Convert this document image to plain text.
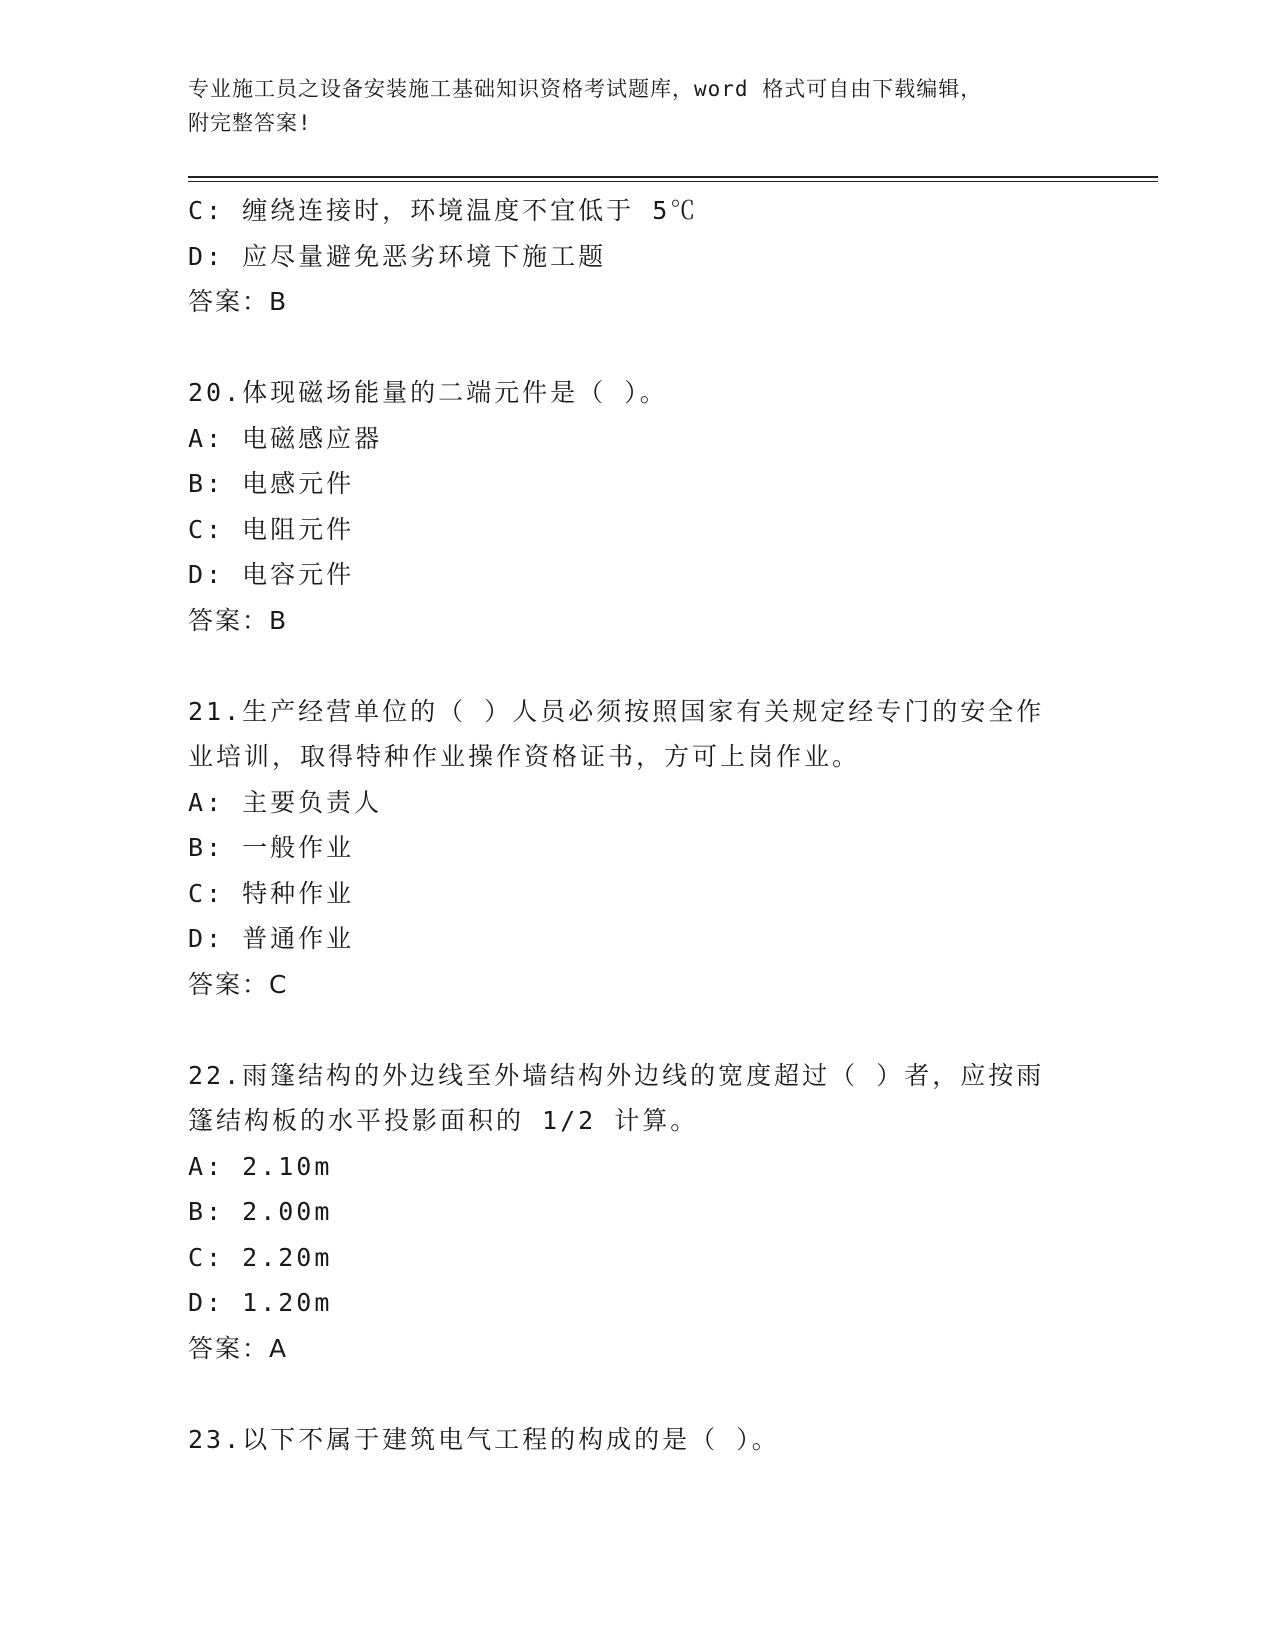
专业施工员之设备安装施工基础知识资格考试题库，word 格式可自由下载编辑，
附完整答案!
C: 缠绕连接时，环境温度不宜低于 5℃
D: 应尽量避免恶劣环境下施工题
答案：B
20.体现磁场能量的二端元件是（ ）。
A: 电磁感应器
B: 电感元件
C: 电阻元件
D: 电容元件
答案：B
21.生产经营单位的（ ）人员必须按照国家有关规定经专门的安全作
业培训，取得特种作业操作资格证书，方可上岗作业。
A: 主要负责人
B: 一般作业
C: 特种作业
D: 普通作业
答案：C
22.雨篷结构的外边线至外墙结构外边线的宽度超过（ ）者，应按雨
篷结构板的水平投影面积的 1/2 计算。
A: 2.10m
B: 2.00m
C: 2.20m
D: 1.20m
答案：A
23.以下不属于建筑电气工程的构成的是（ ）。
